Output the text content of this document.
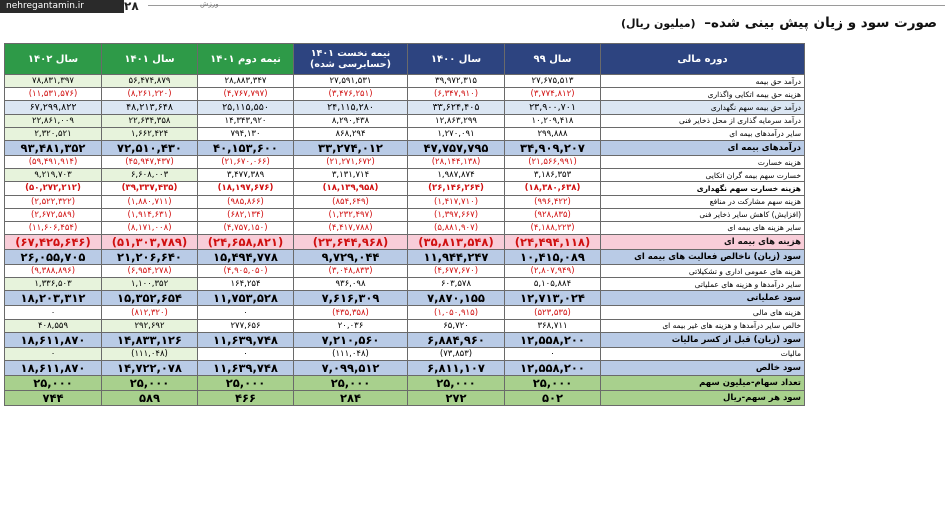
nehregantamin.ir	۲۸	ورزش
صورت سود و زیان پیش بینی شده– (میلیون ریال)
دوره مالی	سال ۹۹	سال ۱۴۰۰	نیمه نخست ۱۴۰۱ (حسابرسی شده)	نیمه دوم ۱۴۰۱	سال ۱۴۰۱	سال ۱۴۰۲
درآمد حق بیمه	۲۷,۶۷۵,۵۱۳	۳۹,۹۷۲,۳۱۵	۲۷,۵۹۱,۵۳۱	۲۸,۸۸۳,۳۴۷	۵۶,۴۷۴,۸۷۹	۷۸,۸۳۱,۳۹۷
هزینه حق بیمه اتکایی واگذاری	(۳,۷۷۴,۸۱۲)	(۶,۳۴۷,۹۱۰)	(۳,۴۷۶,۲۵۱)	(۴,۷۶۷,۷۹۷)	(۸,۲۶۱,۲۲۰)	(۱۱,۵۳۱,۵۷۶)
درآمد حق بیمه سهم نگهداری	۲۳,۹۰۰,۷۰۱	۳۳,۶۲۴,۴۰۵	۲۴,۱۱۵,۲۸۰	۲۵,۱۱۵,۵۵۰	۴۸,۲۱۳,۶۴۸	۶۷,۲۹۹,۸۲۲
درآمد سرمایه گذاری از محل ذخایر فنی	۱۰,۲۰۹,۴۱۸	۱۲,۸۶۳,۲۹۹	۸,۲۹۰,۴۳۸	۱۴,۳۴۳,۹۲۰	۲۲,۶۳۴,۳۵۸	۲۲,۸۶۱,۰۰۹
سایر درآمدهای بیمه ای	۲۹۹,۸۸۸	۱,۲۷۰,۰۹۱	۸۶۸,۲۹۴	۷۹۴,۱۳۰	۱,۶۶۲,۴۲۴	۲,۳۲۰,۵۲۱
درآمدهای بیمه ای	۳۴,۹۰۹,۲۰۷	۴۷,۷۵۷,۷۹۵	۳۳,۲۷۴,۰۱۲	۴۰,۱۵۳,۶۰۰	۷۲,۵۱۰,۴۳۰	۹۳,۴۸۱,۳۵۲
هزینه خسارت	(۲۱,۵۶۶,۹۹۱)	(۲۸,۱۴۴,۱۳۸)	(۲۱,۲۷۱,۶۷۲)	(۲۱,۶۷۰,۰۶۶)	(۴۵,۹۴۷,۴۳۷)	(۵۹,۴۹۱,۹۱۴)
خسارت سهم بیمه گران اتکایی	۳,۱۸۶,۳۵۳	۱,۹۸۷,۸۷۴	۳,۱۳۱,۷۱۴	۳,۴۷۷,۳۸۹	۶,۶۰۸,۰۰۳	۹,۲۱۹,۷۰۳
هزینه خسارت سهم نگهداری	(۱۸,۳۸۰,۶۳۸)	(۲۶,۱۴۶,۲۶۴)	(۱۸,۱۳۹,۹۵۸)	(۱۸,۱۹۷,۶۷۶)	(۳۹,۳۳۷,۴۳۵)	(۵۰,۲۷۲,۲۱۲)
هزینه سهم مشارکت در منافع	(۹۹۶,۴۲۲)	(۱,۴۱۷,۷۱۰)	(۸۵۴,۶۴۹)	(۹۸۵,۸۶۶)	(۱,۸۸۰,۷۱۱)	(۲,۵۲۲,۳۲۲)
(افزایش) کاهش سایر ذخایر فنی	(۹۲۸,۸۳۵)	(۱,۳۹۷,۶۶۷)	(۱,۲۳۲,۴۹۷)	(۶۸۲,۱۳۴)	(۱,۹۱۴,۶۳۱)	(۲,۶۷۲,۵۸۹)
سایر هزینه های بیمه ای	(۴,۱۸۸,۲۲۳)	(۵,۸۸۱,۹۰۷)	(۴,۴۱۷,۷۸۸)	(۴,۷۵۷,۱۵۰)	(۸,۱۷۱,۰۰۸)	(۱۱,۶۰۶,۴۵۴)
هزینه های بیمه ای	(۲۴,۴۹۴,۱۱۸)	(۳۵,۸۱۳,۵۴۸)	(۲۳,۶۴۴,۹۶۸)	(۲۴,۶۵۸,۸۲۱)	(۵۱,۳۰۳,۷۸۹)	(۶۷,۴۲۵,۶۴۶)
سود (زیان) ناخالص فعالیت های بیمه ای	۱۰,۴۱۵,۰۸۹	۱۱,۹۴۴,۲۴۷	۹,۷۲۹,۰۴۴	۱۵,۴۹۴,۷۷۸	۲۱,۲۰۶,۶۴۰	۲۶,۰۵۵,۷۰۵
هزینه های عمومی اداری و تشکیلاتی	(۲,۸۰۷,۹۴۹)	(۴,۶۷۷,۶۷۰)	(۳,۰۴۸,۸۳۳)	(۴,۹۰۵,۰۵۰)	(۶,۹۵۴,۲۷۸)	(۹,۳۸۸,۸۹۶)
سایر درآمدها و هزینه های عملیاتی	۵,۱۰۵,۸۸۴	۶۰۳,۵۷۸	۹۳۶,۰۹۸	۱۶۴,۲۵۴	۱,۱۰۰,۳۵۲	۱,۳۳۶,۵۰۳
سود عملیاتی	۱۲,۷۱۳,۰۲۴	۷,۸۷۰,۱۵۵	۷,۶۱۶,۳۰۹	۱۱,۷۵۳,۵۲۸	۱۵,۳۵۲,۶۵۴	۱۸,۲۰۳,۳۱۲
هزینه های مالی	(۵۲۳,۵۳۵)	(۱,۰۵۰,۹۱۵)	(۴۳۵,۳۵۸)	۰	(۸۱۲,۳۲۰)	۰
خالص سایر درآمدها و هزینه های غیر بیمه ای	۳۶۸,۷۱۱	۶۵,۷۲۰	۲۰,۰۳۶	۲۷۷,۶۵۶	۲۹۲,۶۹۲	۴۰۸,۵۵۹
سود (زیان) قبل از کسر مالیات	۱۲,۵۵۸,۲۰۰	۶,۸۸۴,۹۶۰	۷,۲۱۰,۵۶۰	۱۱,۶۳۹,۷۴۸	۱۴,۸۳۳,۱۲۶	۱۸,۶۱۱,۸۷۰
مالیات	۰	(۷۳,۸۵۳)	(۱۱۱,۰۴۸)	۰	(۱۱۱,۰۴۸)	۰
سود خالص	۱۲,۵۵۸,۲۰۰	۶,۸۱۱,۱۰۷	۷,۰۹۹,۵۱۲	۱۱,۶۳۹,۷۴۸	۱۴,۷۲۲,۰۷۸	۱۸,۶۱۱,۸۷۰
تعداد سهام-میلیون سهم	۲۵,۰۰۰	۲۵,۰۰۰	۲۵,۰۰۰	۲۵,۰۰۰	۲۵,۰۰۰	۲۵,۰۰۰
سود هر سهم-ریال	۵۰۲	۲۷۲	۲۸۴	۴۶۶	۵۸۹	۷۴۴
